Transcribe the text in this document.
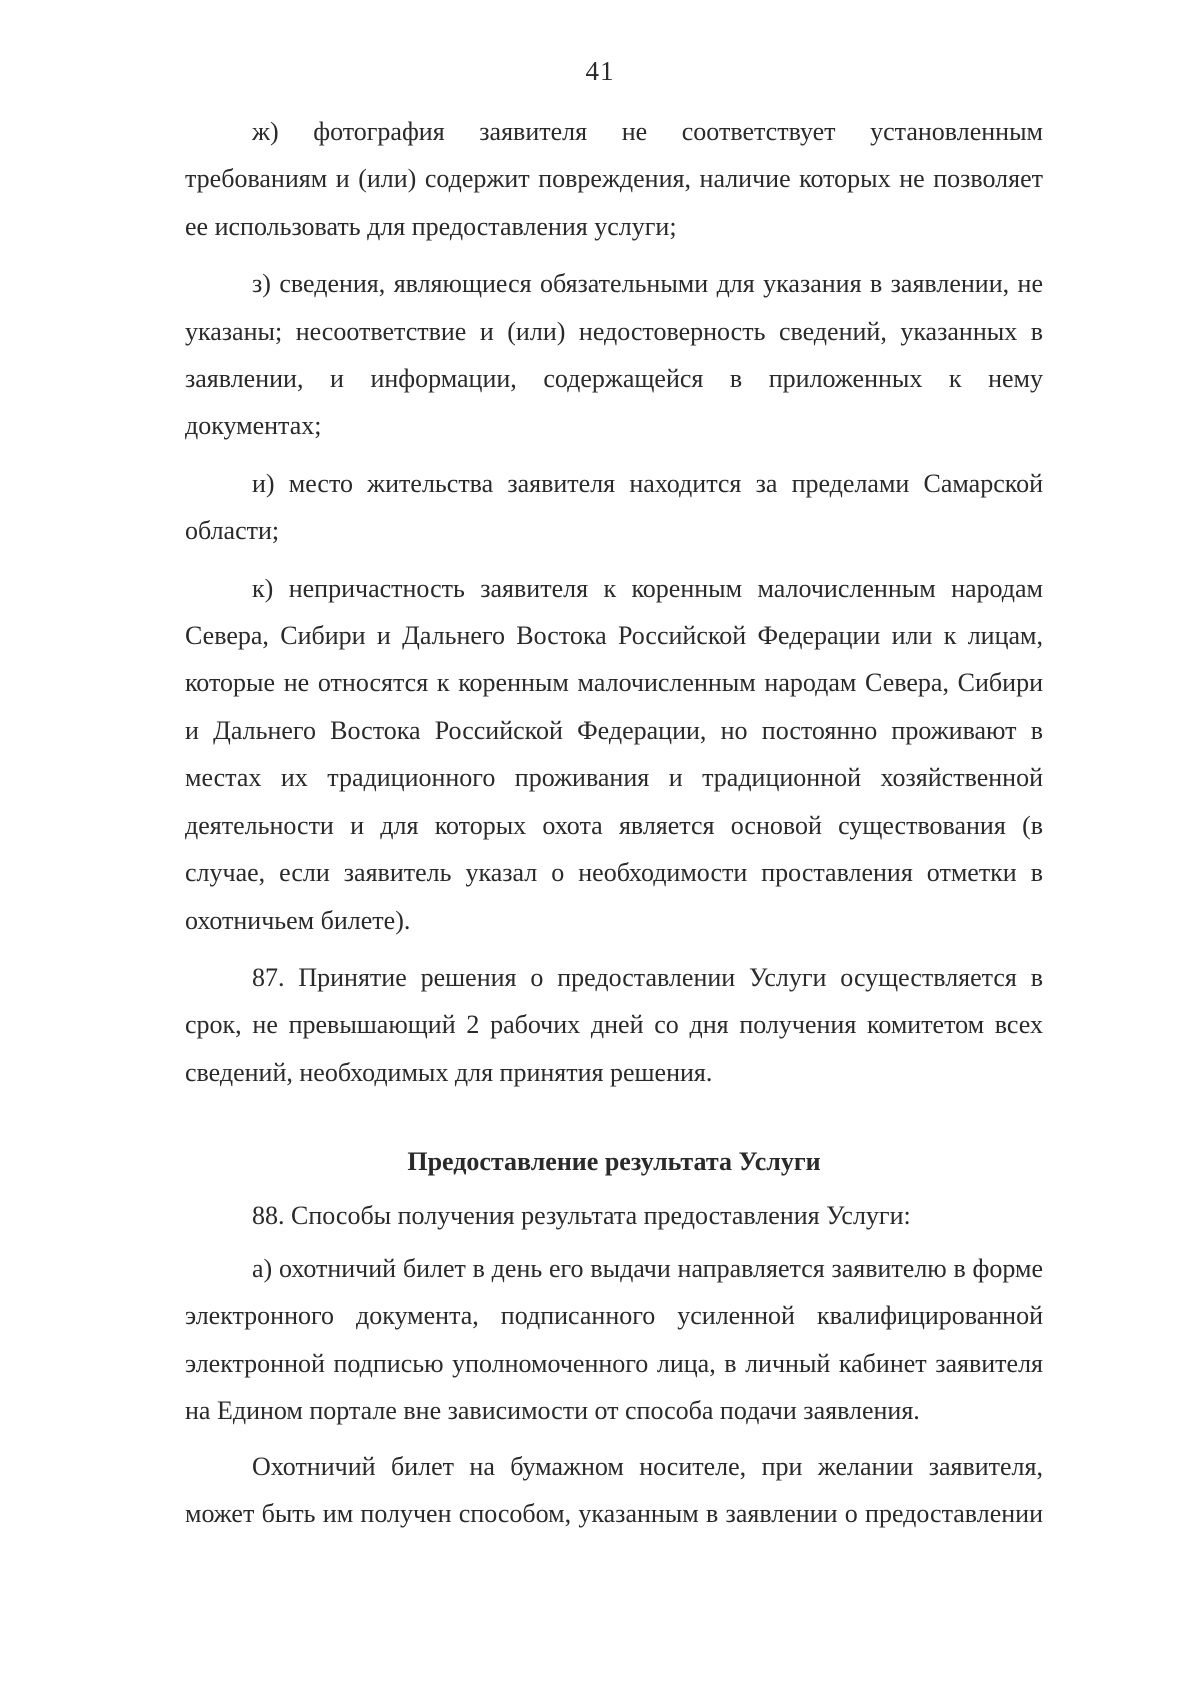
41

ж) фотография заявителя не соответствует установленным требованиям и (или) содержит повреждения, наличие которых не позволяет ее использовать для предоставления услуги;

з) сведения, являющиеся обязательными для указания в заявлении, не указаны; несоответствие и (или) недостоверность сведений, указанных в заявлении, и информации, содержащейся в приложенных к нему документах;

и) место жительства заявителя находится за пределами Самарской области;

к) непричастность заявителя к коренным малочисленным народам Севера, Сибири и Дальнего Востока Российской Федерации или к лицам, которые не относятся к коренным малочисленным народам Севера, Сибири и Дальнего Востока Российской Федерации, но постоянно проживают в местах их традиционного проживания и традиционной хозяйственной деятельности и для которых охота является основой существования (в случае, если заявитель указал о необходимости проставления отметки в охотничьем билете).

87. Принятие решения о предоставлении Услуги осуществляется в срок, не превышающий 2 рабочих дней со дня получения комитетом всех сведений, необходимых для принятия решения.

Предоставление результата Услуги

88. Способы получения результата предоставления Услуги:

а) охотничий билет в день его выдачи направляется заявителю в форме электронного документа, подписанного усиленной квалифицированной электронной подписью уполномоченного лица, в личный кабинет заявителя на Едином портале вне зависимости от способа подачи заявления.

Охотничий билет на бумажном носителе, при желании заявителя, может быть им получен способом, указанным в заявлении о предоставлении
